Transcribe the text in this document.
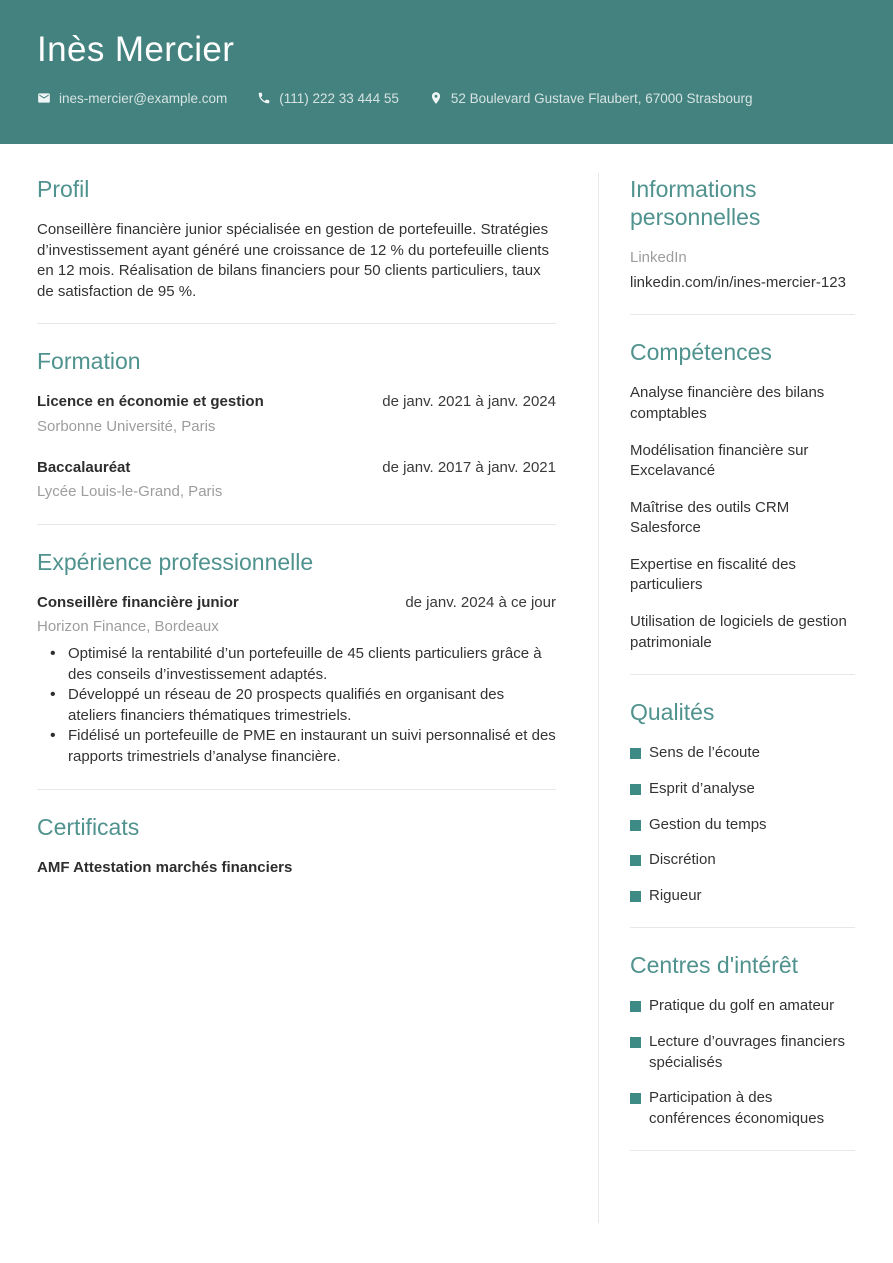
Inès Mercier
ines-mercier@example.com	(111) 222 33 444 55	52 Boulevard Gustave Flaubert, 67000 Strasbourg
Profil

Conseillère financière junior spécialisée en gestion de portefeuille. Stratégies d’investissement ayant généré une croissance de 12 % du portefeuille clients en 12 mois. Réalisation de bilans financiers pour 50 clients particuliers, taux de satisfaction de 95 %.

Formation
Licence en économie et gestion	de janv. 2021 à janv. 2024
Sorbonne Université, Paris
Baccalauréat	de janv. 2017 à janv. 2021
Lycée Louis-le-Grand, Paris
Expérience professionnelle
Conseillère financière junior	de janv. 2024 à ce jour
Horizon Finance, Bordeaux
• Optimisé la rentabilité d’un portefeuille de 45 clients particuliers grâce à des conseils d’investissement adaptés.
• Développé un réseau de 20 prospects qualifiés en organisant des ateliers financiers thématiques trimestriels.
• Fidélisé un portefeuille de PME en instaurant un suivi personnalisé et des rapports trimestriels d’analyse financière.
Certificats
AMF Attestation marchés financiers
Informations personnelles
LinkedIn
linkedin.com/in/ines-mercier-123
Compétences
Analyse financière des bilans comptables
Modélisation financière sur Excelavancé
Maîtrise des outils CRM Salesforce
Expertise en fiscalité des particuliers
Utilisation de logiciels de gestion patrimoniale
Qualités
Sens de l’écoute
Esprit d’analyse
Gestion du temps
Discrétion
Rigueur
Centres d'intérêt
Pratique du golf en amateur
Lecture d’ouvrages financiers spécialisés
Participation à des conférences économiques
